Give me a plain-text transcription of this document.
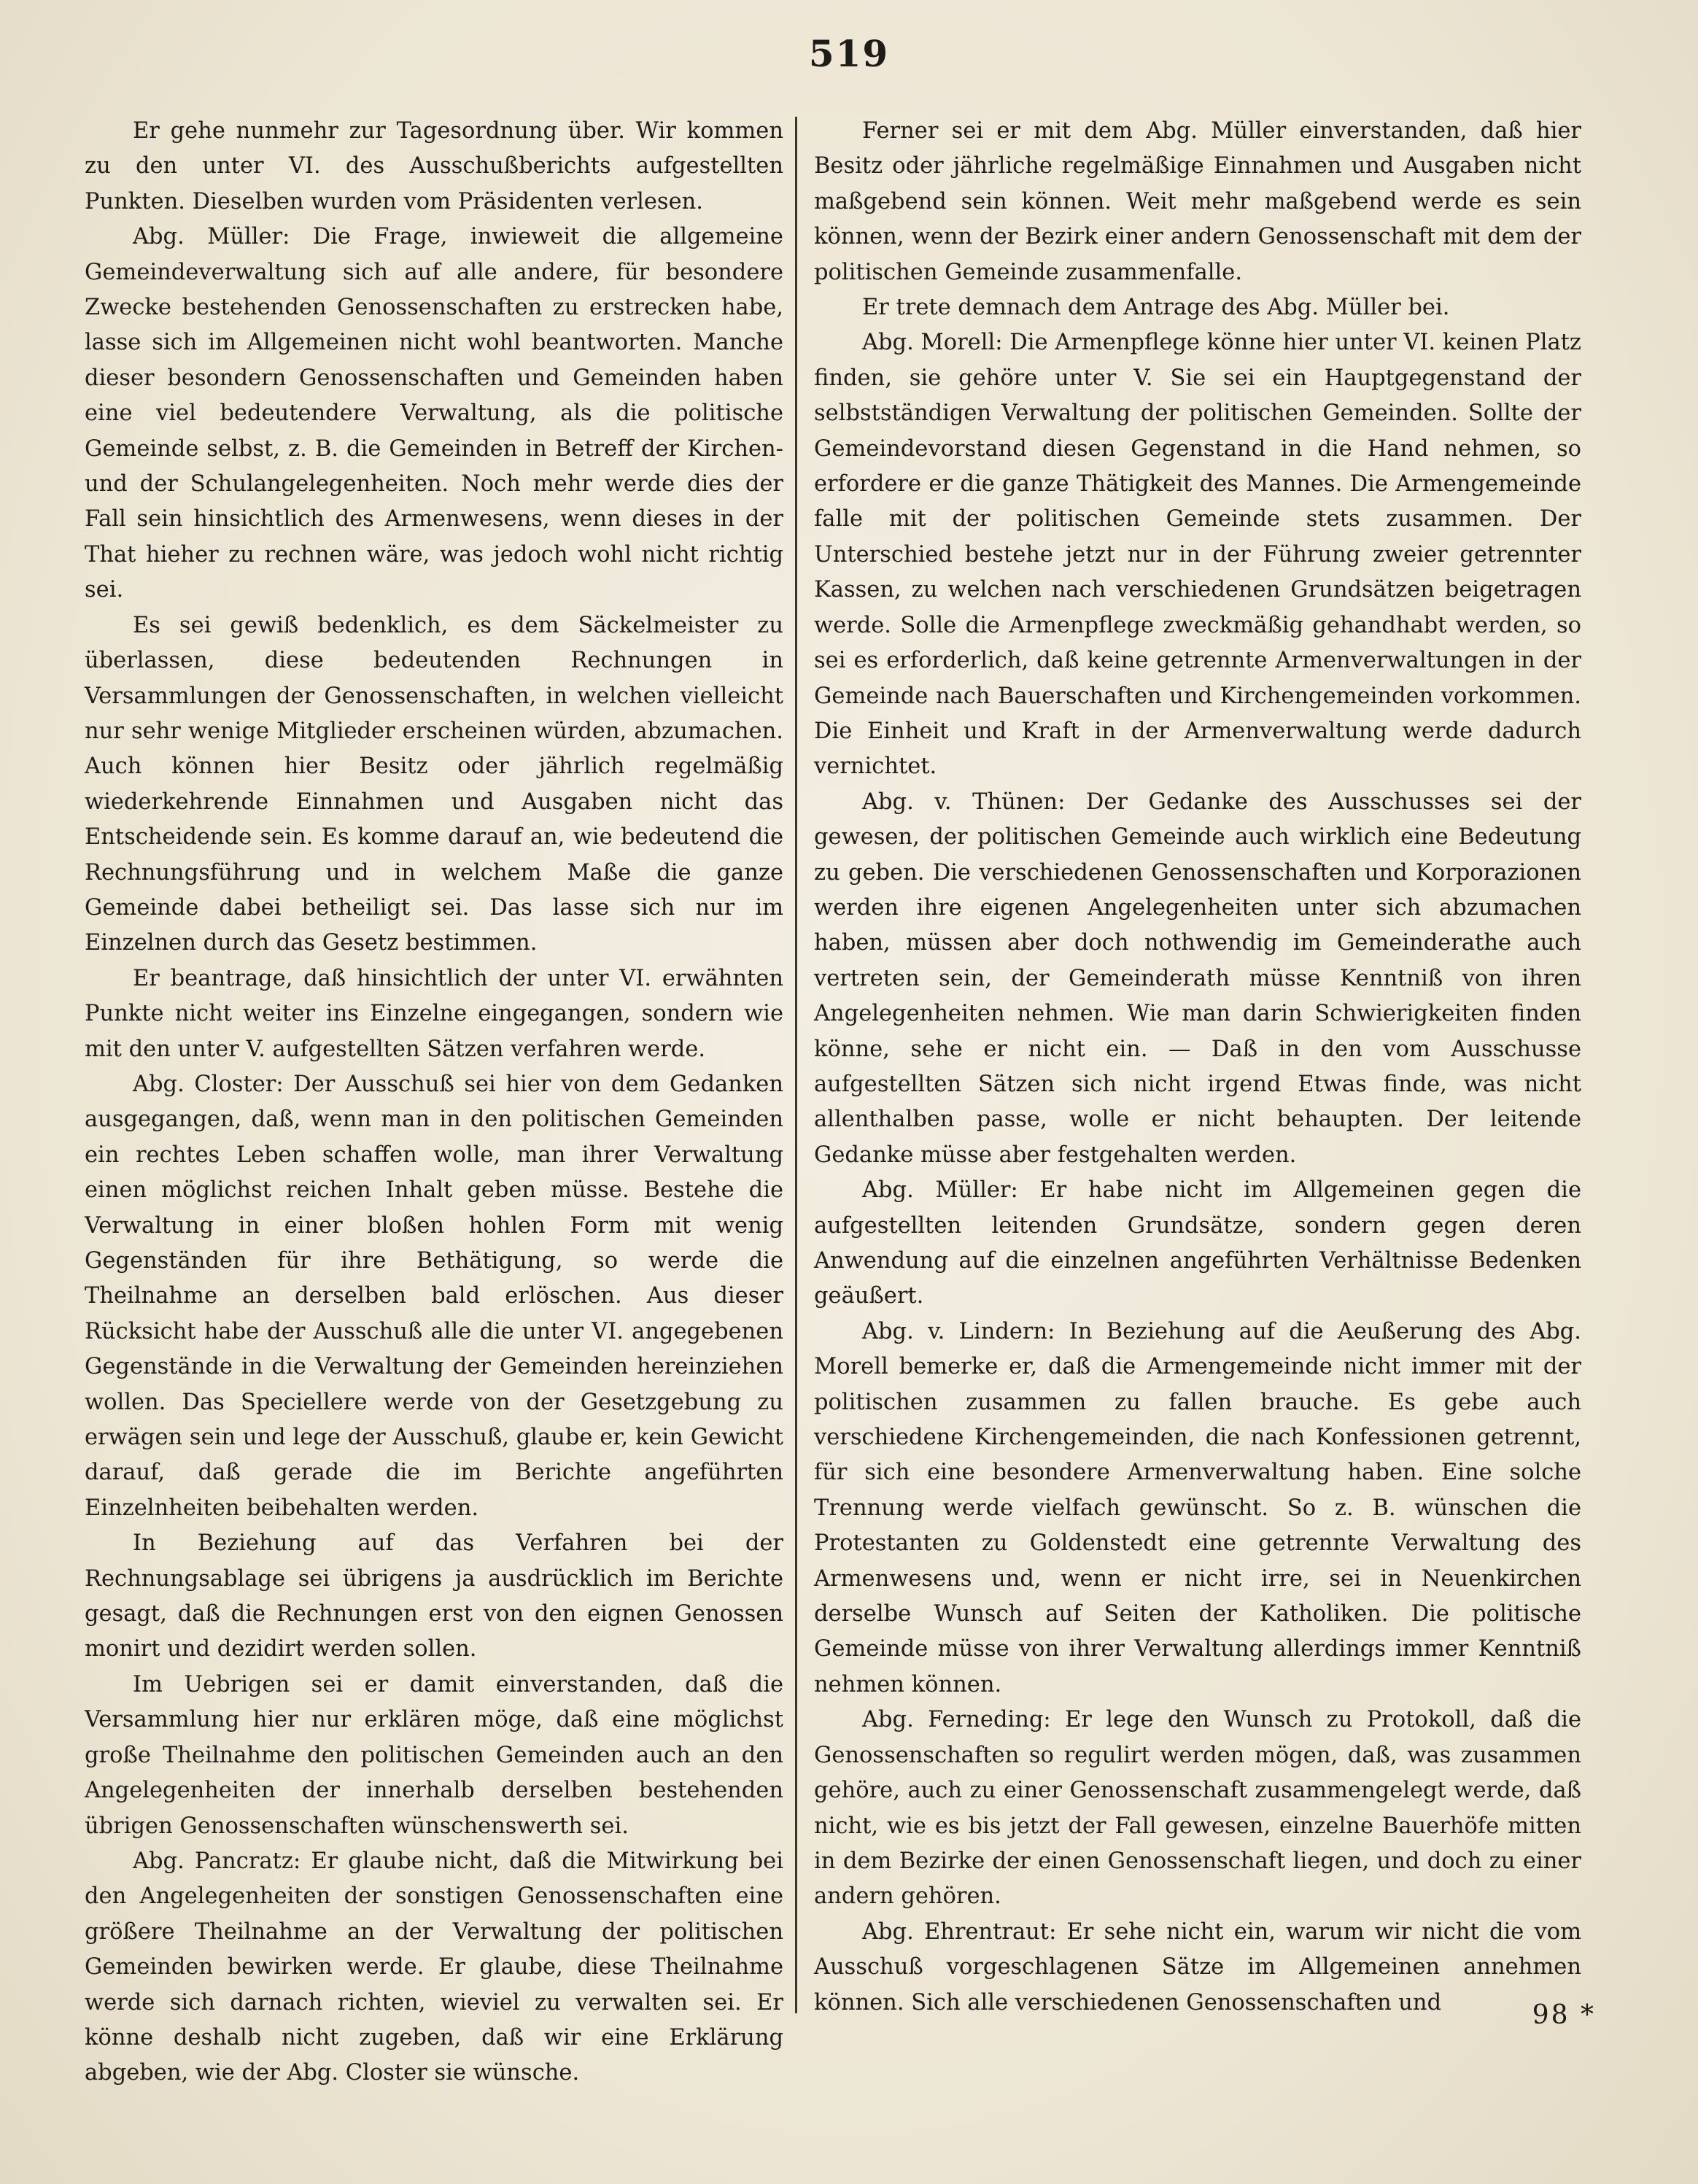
519

Er gehe nunmehr zur Tagesordnung über. Wir kommen zu den unter VI. des Ausschußberichts aufgestellten Punkten. Dieselben wurden vom Präsidenten verlesen.

Abg. Müller: Die Frage, inwieweit die allgemeine Gemeindeverwaltung sich auf alle andere, für besondere Zwecke bestehenden Genossenschaften zu erstrecken habe, lasse sich im Allgemeinen nicht wohl beantworten. Manche dieser besondern Genossenschaften und Gemeinden haben eine viel bedeutendere Verwaltung, als die politische Gemeinde selbst, z. B. die Gemeinden in Betreff der Kirchen- und der Schulangelegenheiten. Noch mehr werde dies der Fall sein hinsichtlich des Armenwesens, wenn dieses in der That hieher zu rechnen wäre, was jedoch wohl nicht richtig sei.

Es sei gewiß bedenklich, es dem Säckelmeister zu überlassen, diese bedeutenden Rechnungen in Versammlungen der Genossenschaften, in welchen vielleicht nur sehr wenige Mitglieder erscheinen würden, abzumachen. Auch können hier Besitz oder jährlich regelmäßig wiederkehrende Einnahmen und Ausgaben nicht das Entscheidende sein. Es komme darauf an, wie bedeutend die Rechnungsführung und in welchem Maße die ganze Gemeinde dabei betheiligt sei. Das lasse sich nur im Einzelnen durch das Gesetz bestimmen.

Er beantrage, daß hinsichtlich der unter VI. erwähnten Punkte nicht weiter ins Einzelne eingegangen, sondern wie mit den unter V. aufgestellten Sätzen verfahren werde.

Abg. Closter: Der Ausschuß sei hier von dem Gedanken ausgegangen, daß, wenn man in den politischen Gemeinden ein rechtes Leben schaffen wolle, man ihrer Verwaltung einen möglichst reichen Inhalt geben müsse. Bestehe die Verwaltung in einer bloßen hohlen Form mit wenig Gegenständen für ihre Bethätigung, so werde die Theilnahme an derselben bald erlöschen. Aus dieser Rücksicht habe der Ausschuß alle die unter VI. angegebenen Gegenstände in die Verwaltung der Gemeinden hereinziehen wollen. Das Speciellere werde von der Gesetzgebung zu erwägen sein und lege der Ausschuß, glaube er, kein Gewicht darauf, daß gerade die im Berichte angeführten Einzelnheiten beibehalten werden.

In Beziehung auf das Verfahren bei der Rechnungsablage sei übrigens ja ausdrücklich im Berichte gesagt, daß die Rechnungen erst von den eignen Genossen monirt und dezidirt werden sollen.

Im Uebrigen sei er damit einverstanden, daß die Versammlung hier nur erklären möge, daß eine möglichst große Theilnahme den politischen Gemeinden auch an den Angelegenheiten der innerhalb derselben bestehenden übrigen Genossenschaften wünschenswerth sei.

Abg. Pancratz: Er glaube nicht, daß die Mitwirkung bei den Angelegenheiten der sonstigen Genossenschaften eine größere Theilnahme an der Verwaltung der politischen Gemeinden bewirken werde. Er glaube, diese Theilnahme werde sich darnach richten, wieviel zu verwalten sei. Er könne deshalb nicht zugeben, daß wir eine Erklärung abgeben, wie der Abg. Closter sie wünsche.

Ferner sei er mit dem Abg. Müller einverstanden, daß hier Besitz oder jährliche regelmäßige Einnahmen und Ausgaben nicht maßgebend sein können. Weit mehr maßgebend werde es sein können, wenn der Bezirk einer andern Genossenschaft mit dem der politischen Gemeinde zusammenfalle.

Er trete demnach dem Antrage des Abg. Müller bei.

Abg. Morell: Die Armenpflege könne hier unter VI. keinen Platz finden, sie gehöre unter V. Sie sei ein Hauptgegenstand der selbstständigen Verwaltung der politischen Gemeinden. Sollte der Gemeindevorstand diesen Gegenstand in die Hand nehmen, so erfordere er die ganze Thätigkeit des Mannes. Die Armengemeinde falle mit der politischen Gemeinde stets zusammen. Der Unterschied bestehe jetzt nur in der Führung zweier getrennter Kassen, zu welchen nach verschiedenen Grundsätzen beigetragen werde. Solle die Armenpflege zweckmäßig gehandhabt werden, so sei es erforderlich, daß keine getrennte Armenverwaltungen in der Gemeinde nach Bauerschaften und Kirchengemeinden vorkommen. Die Einheit und Kraft in der Armenverwaltung werde dadurch vernichtet.

Abg. v. Thünen: Der Gedanke des Ausschusses sei der gewesen, der politischen Gemeinde auch wirklich eine Bedeutung zu geben. Die verschiedenen Genossenschaften und Korporazionen werden ihre eigenen Angelegenheiten unter sich abzumachen haben, müssen aber doch nothwendig im Gemeinderathe auch vertreten sein, der Gemeinderath müsse Kenntniß von ihren Angelegenheiten nehmen. Wie man darin Schwierigkeiten finden könne, sehe er nicht ein. — Daß in den vom Ausschusse aufgestellten Sätzen sich nicht irgend Etwas finde, was nicht allenthalben passe, wolle er nicht behaupten. Der leitende Gedanke müsse aber festgehalten werden.

Abg. Müller: Er habe nicht im Allgemeinen gegen die aufgestellten leitenden Grundsätze, sondern gegen deren Anwendung auf die einzelnen angeführten Verhältnisse Bedenken geäußert.

Abg. v. Lindern: In Beziehung auf die Aeußerung des Abg. Morell bemerke er, daß die Armengemeinde nicht immer mit der politischen zusammen zu fallen brauche. Es gebe auch verschiedene Kirchengemeinden, die nach Konfessionen getrennt, für sich eine besondere Armenverwaltung haben. Eine solche Trennung werde vielfach gewünscht. So z. B. wünschen die Protestanten zu Goldenstedt eine getrennte Verwaltung des Armenwesens und, wenn er nicht irre, sei in Neuenkirchen derselbe Wunsch auf Seiten der Katholiken. Die politische Gemeinde müsse von ihrer Verwaltung allerdings immer Kenntniß nehmen können.

Abg. Ferneding: Er lege den Wunsch zu Protokoll, daß die Genossenschaften so regulirt werden mögen, daß, was zusammen gehöre, auch zu einer Genossenschaft zusammengelegt werde, daß nicht, wie es bis jetzt der Fall gewesen, einzelne Bauerhöfe mitten in dem Bezirke der einen Genossenschaft liegen, und doch zu einer andern gehören.

Abg. Ehrentraut: Er sehe nicht ein, warum wir nicht die vom Ausschuß vorgeschlagenen Sätze im Allgemeinen annehmen können. Sich alle verschiedenen Genossenschaften und	98 *
